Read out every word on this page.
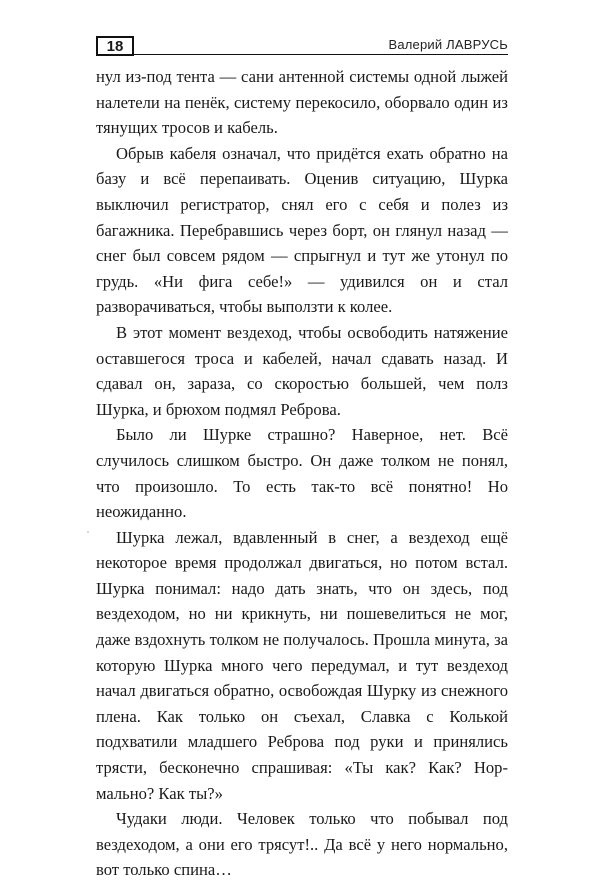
18	Валерий ЛАВРУСЬ

нул из-под тента — сани антенной системы одной лыжей налетели на пенёк, систему перекосило, оборвало один из тянущих тросов и кабель.

Обрыв кабеля означал, что придётся ехать обратно на базу и всё перепаивать. Оценив ситуацию, Шурка выключил регистратор, снял его с себя и полез из багажника. Перебравшись через борт, он глянул назад — снег был совсем рядом — спрыгнул и тут же утонул по грудь. «Ни фига себе!» — удивился он и стал разворачиваться, чтобы выползти к колее.

В этот момент вездеход, чтобы освободить натяжение оставшегося троса и кабелей, начал сдавать назад. И сдавал он, зараза, со скоростью большей, чем полз Шурка, и брюхом подмял Реброва.

Было ли Шурке страшно? Наверное, нет. Всё случилось слишком быстро. Он даже толком не понял, что произошло. То есть так-то всё понятно! Но неожиданно.

Шурка лежал, вдавленный в снег, а вездеход ещё некоторое время продолжал двигаться, но потом встал. Шурка понимал: надо дать знать, что он здесь, под вездеходом, но ни крикнуть, ни пошевелиться не мог, даже вздохнуть толком не получалось. Прошла минута, за которую Шурка много чего передумал, и тут вездеход начал двигаться обратно, освобождая Шурку из снежного плена. Как только он съехал, Славка с Колькой подхватили младшего Реброва под руки и принялись трясти, бесконечно спрашивая: «Ты как? Как? Нормально? Как ты?»

Чудаки люди. Человек только что побывал под вездеходом, а они его трясут!.. Да всё у него нормально, вот только спина…
